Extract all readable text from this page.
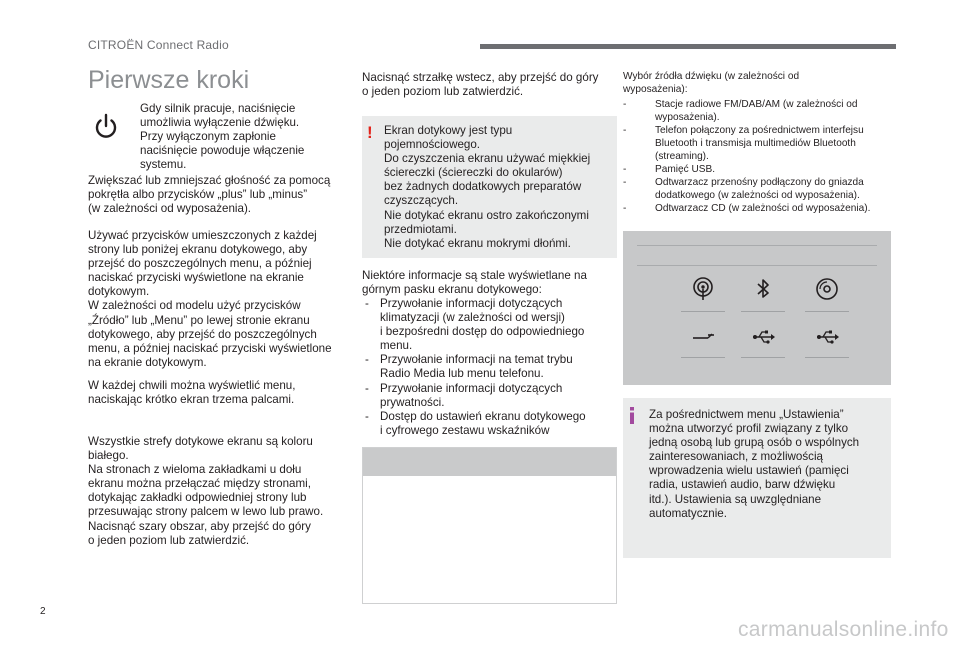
CITROËN Connect Radio
Pierwsze kroki
Gdy silnik pracuje, naciśnięcie
umożliwia wyłączenie dźwięku.
Przy wyłączonym zapłonie
naciśnięcie powoduje włączenie
systemu.
Zwiększać lub zmniejszać głośność za pomocą
pokrętła albo przycisków „plus” lub „minus”
(w zależności od wyposażenia).
Używać przycisków umieszczonych z każdej
strony lub poniżej ekranu dotykowego, aby
przejść do poszczególnych menu, a później
naciskać przyciski wyświetlone na ekranie
dotykowym.
W zależności od modelu użyć przycisków
„Źródło” lub „Menu” po lewej stronie ekranu
dotykowego, aby przejść do poszczególnych
menu, a później naciskać przyciski wyświetlone
na ekranie dotykowym.
W każdej chwili można wyświetlić menu,
naciskając krótko ekran trzema palcami.
Wszystkie strefy dotykowe ekranu są koloru
białego.
Na stronach z wieloma zakładkami u dołu
ekranu można przełączać między stronami,
dotykając zakładki odpowiedniej strony lub
przesuwając strony palcem w lewo lub prawo.
Nacisnąć szary obszar, aby przejść do góry
o jeden poziom lub zatwierdzić.
Nacisnąć strzałkę wstecz, aby przejść do góry
o jeden poziom lub zatwierdzić.
! Ekran dotykowy jest typu
pojemnościowego.
Do czyszczenia ekranu używać miękkiej
ściereczki (ściereczki do okularów)
bez żadnych dodatkowych preparatów
czyszczących.
Nie dotykać ekranu ostro zakończonymi
przedmiotami.
Nie dotykać ekranu mokrymi dłońmi.
Niektóre informacje są stale wyświetlane na
górnym pasku ekranu dotykowego:
- Przywołanie informacji dotyczących
klimatyzacji (w zależności od wersji)
i bezpośredni dostęp do odpowiedniego
menu.
- Przywołanie informacji na temat trybu
Radio Media lub menu telefonu.
- Przywołanie informacji dotyczących
prywatności.
- Dostęp do ustawień ekranu dotykowego
i cyfrowego zestawu wskaźników
Wybór źródła dźwięku (w zależności od
wyposażenia):
- Stacje radiowe FM/DAB/AM (w zależności od
wyposażenia).
- Telefon połączony za pośrednictwem interfejsu
Bluetooth i transmisja multimediów Bluetooth
(streaming).
- Pamięć USB.
- Odtwarzacz przenośny podłączony do gniazda
dodatkowego (w zależności od wyposażenia).
- Odtwarzacz CD (w zależności od wyposażenia).
Za pośrednictwem menu „Ustawienia”
można utworzyć profil związany z tylko
jedną osobą lub grupą osób o wspólnych
zainteresowaniach, z możliwością
wprowadzenia wielu ustawień (pamięci
radia, ustawień audio, barw dźwięku
itd.). Ustawienia są uwzględniane
automatycznie.
2
carmanualsonline.info
